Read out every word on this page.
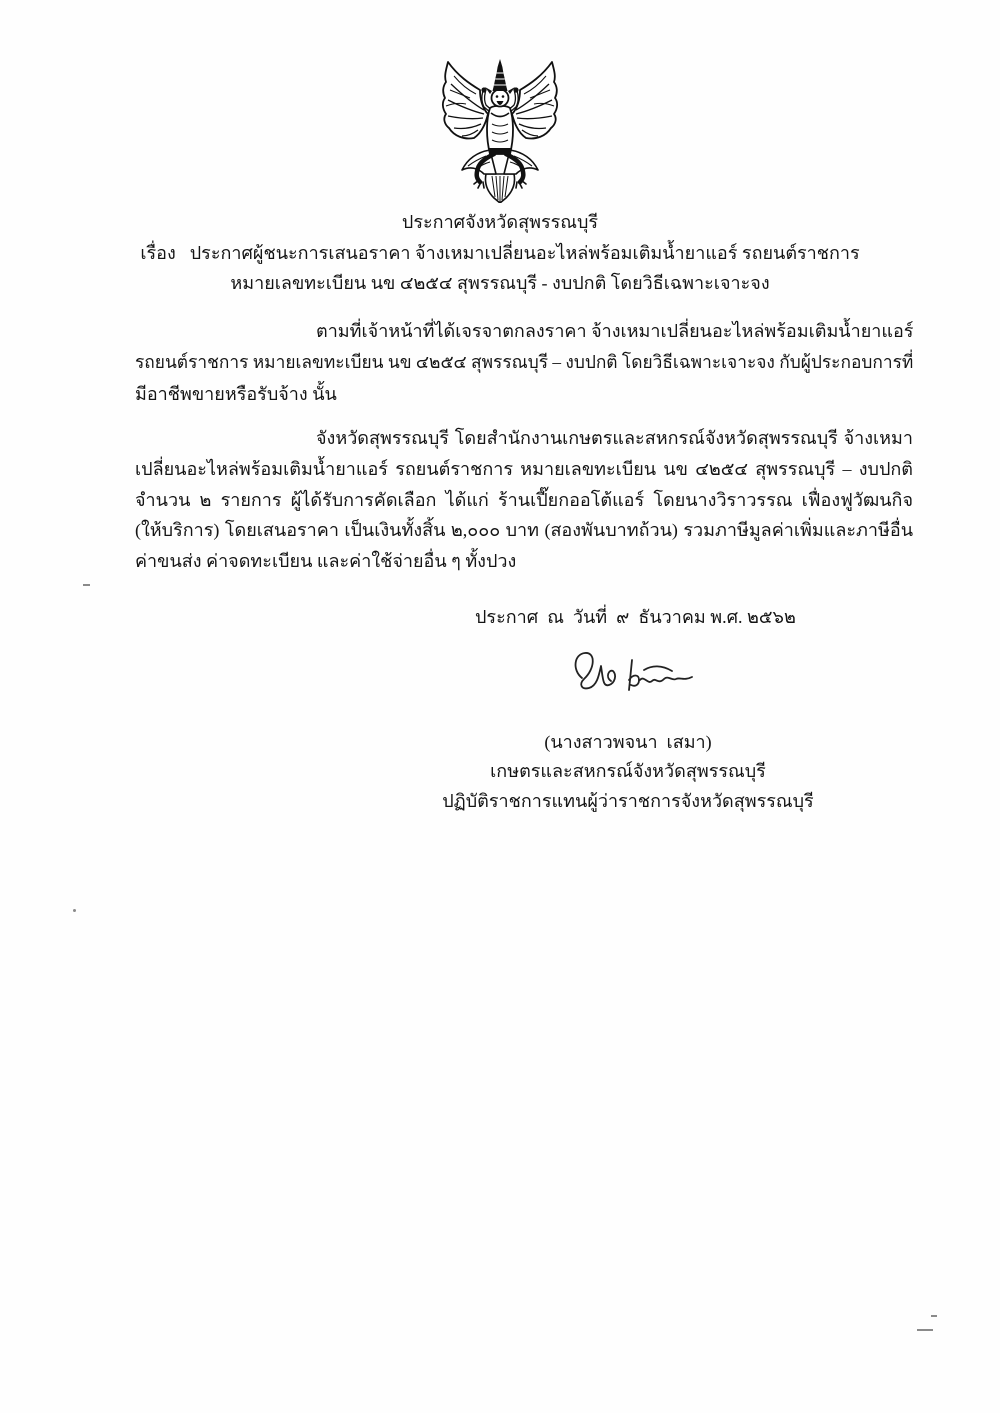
ประกาศจังหวัดสุพรรณบุรี
เรื่อง ประกาศผู้ชนะการเสนอราคา จ้างเหมาเปลี่ยนอะไหล่พร้อมเติมน้ำยาแอร์ รถยนต์ราชการ
หมายเลขทะเบียน นข ๔๒๕๔ สุพรรณบุรี - งบปกติ โดยวิธีเฉพาะเจาะจง
ตามที่เจ้าหน้าที่ได้เจรจาตกลงราคา จ้างเหมาเปลี่ยนอะไหล่พร้อมเติมน้ำยาแอร์
รถยนต์ราชการ หมายเลขทะเบียน นข ๔๒๕๔ สุพรรณบุรี – งบปกติ โดยวิธีเฉพาะเจาะจง กับผู้ประกอบการที่
มีอาชีพขายหรือรับจ้าง นั้น
จังหวัดสุพรรณบุรี โดยสำนักงานเกษตรและสหกรณ์จังหวัดสุพรรณบุรี จ้างเหมา
เปลี่ยนอะไหล่พร้อมเติมน้ำยาแอร์ รถยนต์ราชการ หมายเลขทะเบียน นข ๔๒๕๔ สุพรรณบุรี – งบปกติ
จำนวน ๒ รายการ ผู้ได้รับการคัดเลือก ได้แก่ ร้านเปี๊ยกออโต้แอร์ โดยนางวิราวรรณ เฟื่องฟูวัฒนกิจ
(ให้บริการ) โดยเสนอราคา เป็นเงินทั้งสิ้น ๒,๐๐๐ บาท (สองพันบาทถ้วน) รวมภาษีมูลค่าเพิ่มและภาษีอื่น
ค่าขนส่ง ค่าจดทะเบียน และค่าใช้จ่ายอื่น ๆ ทั้งปวง
ประกาศ  ณ  วันที่  ๙  ธันวาคม พ.ศ. ๒๕๖๒
(นางสาวพจนา  เสมา)
เกษตรและสหกรณ์จังหวัดสุพรรณบุรี
ปฏิบัติราชการแทนผู้ว่าราชการจังหวัดสุพรรณบุรี
